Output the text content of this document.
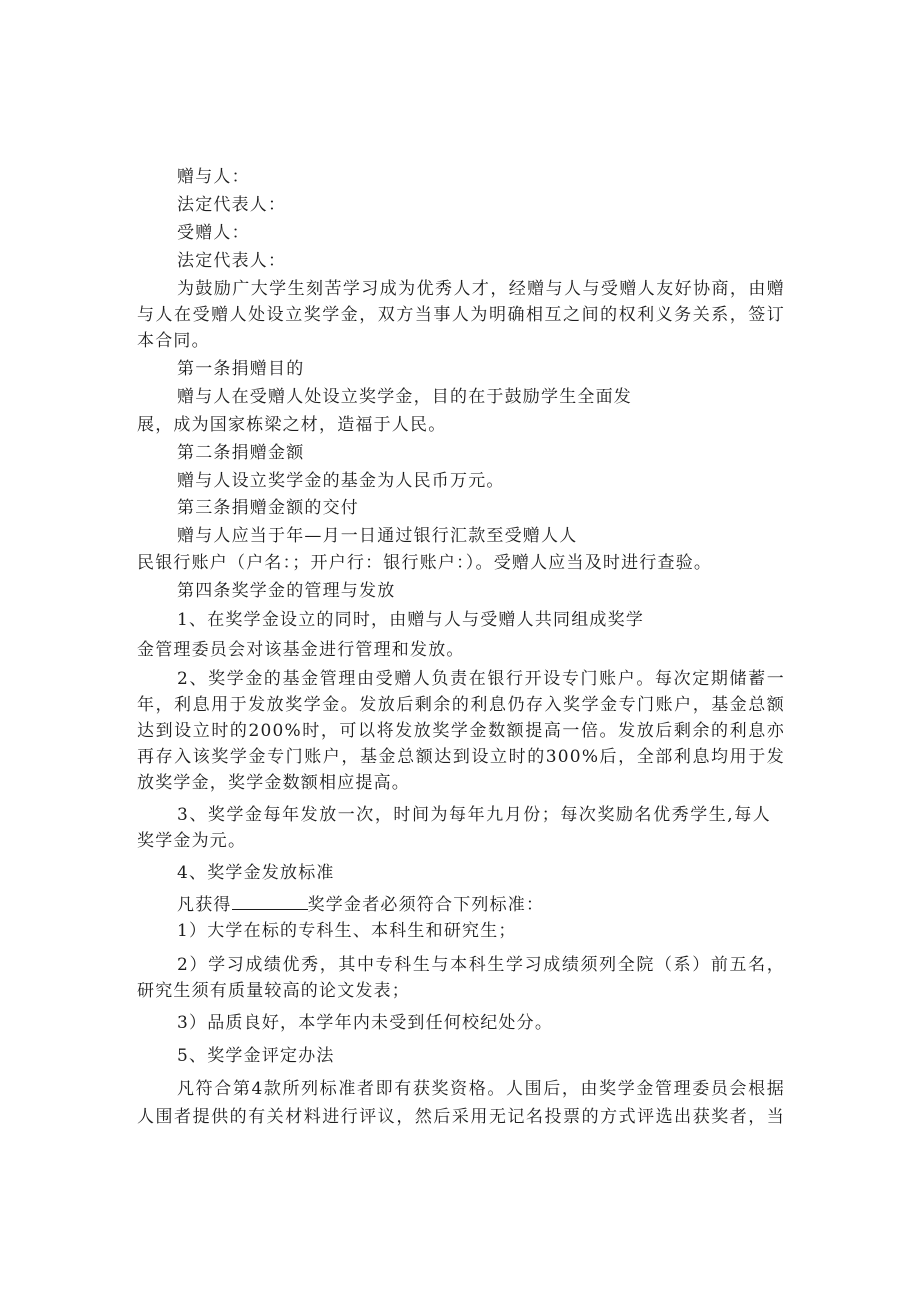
赠与人：

法定代表人：

受赠人：

法定代表人：

为鼓励广大学生刻苦学习成为优秀人才，经赠与人与受赠人友好协商，由赠

与人在受赠人处设立奖学金，双方当事人为明确相互之间的权利义务关系，签订

本合同。

第一条捐赠目的

赠与人在受赠人处设立奖学金，目的在于鼓励学生全面发

展，成为国家栋梁之材，造福于人民。

第二条捐赠金额

赠与人设立奖学金的基金为人民币万元。

第三条捐赠金额的交付

赠与人应当于年—月一日通过银行汇款至受赠人人

民银行账户（户名：；开户行：银行账户：）。受赠人应当及时进行查验。

第四条奖学金的管理与发放

1、在奖学金设立的同时，由赠与人与受赠人共同组成奖学

金管理委员会对该基金进行管理和发放。

2、奖学金的基金管理由受赠人负责在银行开设专门账户。每次定期储蓄一

年，利息用于发放奖学金。发放后剩余的利息仍存入奖学金专门账户，基金总额

达到设立时的200%时，可以将发放奖学金数额提高一倍。发放后剩余的利息亦

再存入该奖学金专门账户，基金总额达到设立时的300%后，全部利息均用于发

放奖学金，奖学金数额相应提高。

3、奖学金每年发放一次，时间为每年九月份；每次奖励名优秀学生,每人

奖学金为元。

4、奖学金发放标准

凡获得	奖学金者必须符合下列标准：

1）大学在标的专科生、本科生和研究生；

2）学习成绩优秀，其中专科生与本科生学习成绩须列全院（系）前五名，

研究生须有质量较高的论文发表；

3）品质良好，本学年内未受到任何校纪处分。

5、奖学金评定办法

凡符合第4款所列标准者即有获奖资格。人围后，由奖学金管理委员会根据

人围者提供的有关材料进行评议，然后采用无记名投票的方式评选出获奖者，当
